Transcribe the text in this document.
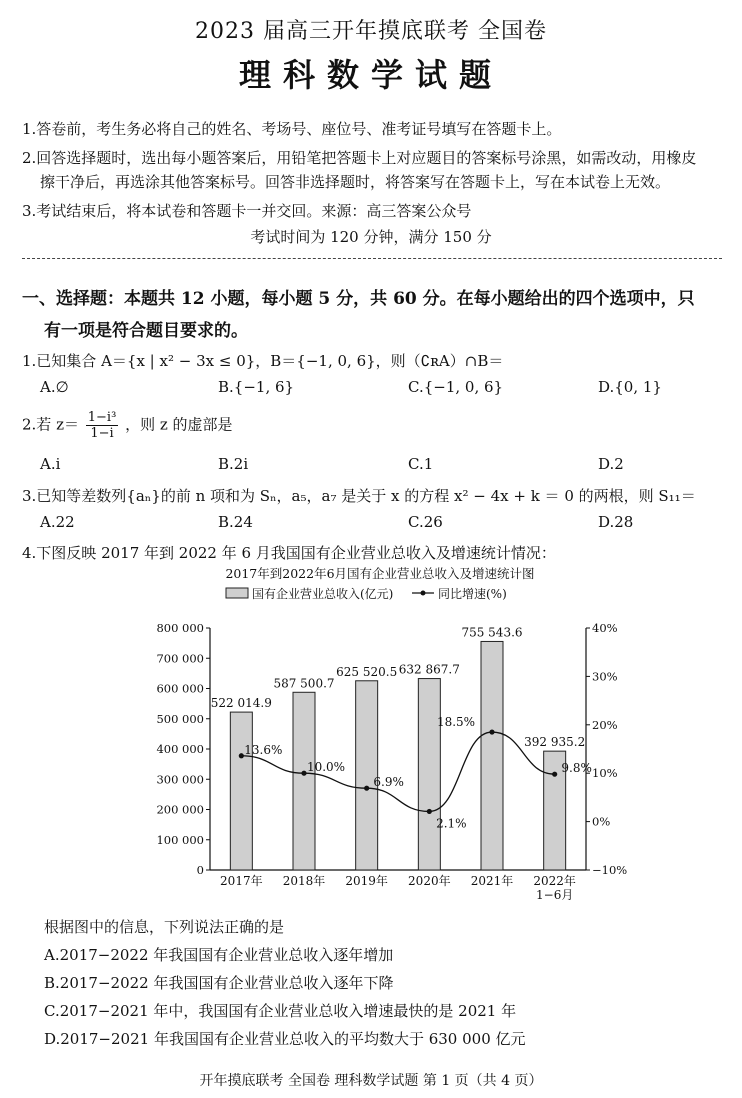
2023 届高三开年摸底联考 全国卷
理科数学试题
1.答卷前，考生务必将自己的姓名、考场号、座位号、准考证号填写在答题卡上。
2.回答选择题时，选出每小题答案后，用铅笔把答题卡上对应题目的答案标号涂黑，如需改动，用橡皮
擦干净后，再选涂其他答案标号。回答非选择题时，将答案写在答题卡上，写在本试卷上无效。
3.考试结束后，将本试卷和答题卡一并交回。来源：高三答案公众号
考试时间为 120 分钟，满分 150 分
一、选择题：本题共 12 小题，每小题 5 分，共 60 分。在每小题给出的四个选项中，只
有一项是符合题目要求的。
1.已知集合 A＝{x | x² − 3x ≤ 0}，B＝{−1, 0, 6}，则（∁ʀA）∩B＝
A.∅	B.{−1, 6}	C.{−1, 0, 6}	D.{0, 1}
2.若 $z= \frac{\text{1−i³}}{1-i}$ ，则 z 的虚部是
A.i	B.2i	C.1	D.2
3.已知等差数列{aₙ}的前 n 项和为 Sₙ，a₅，a₇ 是关于 x 的方程 x² − 4x + k ＝ 0 的两根，则 S₁₁＝
A.22	B.24	C.26	D.28
4.下图反映 2017 年到 2022 年 6 月我国国有企业营业总收入及增速统计情况：
2017年到2022年6月国有企业营业总收入及增速统计图
国有企业营业总收入(亿元)	同比增速(%)
0
100 000
200 000
300 000
400 000
500 000
600 000
700 000
800 000
−10%
0%
10%
20%
30%
40%
2017年 2018年 2019年 2020年 2021年 2022年
1−6月
522 014.9
587 500.7
625 520.5 632 867.7
755 543.6
392 935.2
13.6%
10.0%
6.9%
2.1%
18.5%
9.8%
根据图中的信息，下列说法正确的是
A.2017−2022 年我国国有企业营业总收入逐年增加
B.2017−2022 年我国国有企业营业总收入逐年下降
C.2017−2021 年中，我国国有企业营业总收入增速最快的是 2021 年
D.2017−2021 年我国国有企业营业总收入的平均数大于 630 000 亿元
开年摸底联考 全国卷 理科数学试题 第 1 页（共 4 页）
